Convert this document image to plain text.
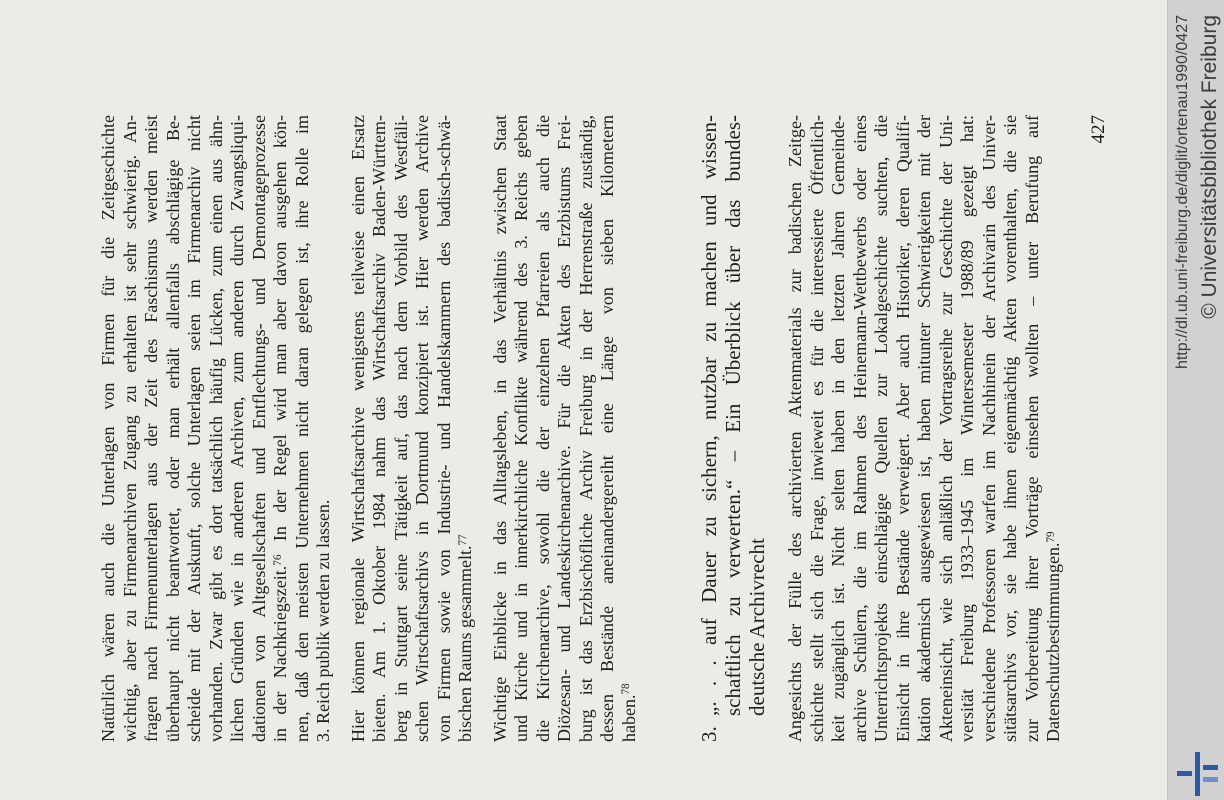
Natürlich wären auch die Unterlagen von Firmen für die Zeitgeschichte wichtig, aber zu Firmenarchiven Zugang zu erhalten ist sehr schwierig. An- fragen nach Firmenunterlagen aus der Zeit des Faschismus werden meist überhaupt nicht beantwortet, oder man erhält allenfalls abschlägige Be- scheide mit der Auskunft, solche Unterlagen seien im Firmenarchiv nicht vorhanden. Zwar gibt es dort tatsächlich häufig Lücken, zum einen aus ähn- lichen Gründen wie in anderen Archiven, zum anderen durch Zwangsliqui- dationen von Altgesellschaften und Entflechtungs- und Demontageprozesse in der Nachkriegszeit.$^{76}$ In der Regel wird man aber davon ausgehen kön- nen, daß den meisten Unternehmen nicht daran gelegen ist, ihre Rolle im 3. Reich publik werden zu lassen. Hier können regionale Wirtschaftsarchive wenigstens teilweise einen Ersatz bieten. Am 1. Oktober 1984 nahm das Wirtschaftsarchiv Baden-Württem- berg in Stuttgart seine Tätigkeit auf, das nach dem Vorbild des Westfäli- schen Wirtschaftsarchivs in Dortmund konzipiert ist. Hier werden Archive von Firmen sowie von Industrie- und Handelskammern des badisch-schwä- bischen Raums gesammelt.$^{77}$	Wichtige Einblicke in das Alltagsleben, in das Verhältnis zwischen Staat und Kirche und in innerkirchliche Konflikte während des 3. Reichs geben die Kirchenarchive, sowohl die der einzelnen Pfarreien als auch die Diözesan- und Landeskirchenarchive. Für die Akten des Erzbistums Frei- burg ist das Erzbischöfliche Archiv Freiburg in der Herrenstraße zuständig, dessen Bestände aneinandergereiht eine Länge von sieben Kilometern haben.$^{78}$
3.
„. . . auf Dauer zu sichern, nutzbar zu machen und wissen- schaftlich zu verwerten.“ – Ein Überblick über das bundes- deutsche Archivrecht Angesichts der Fülle des archivierten Aktenmaterials zur badischen Zeitge- schichte stellt sich die Frage, inwieweit es für die interessierte Öffentlich- keit zugänglich ist. Nicht selten haben in den letzten Jahren Gemeinde- archive Schülern, die im Rahmen des Heinemann-Wettbewerbs oder eines Unterrichtsprojekts einschlägige Quellen zur Lokalgeschichte suchten, die Einsicht in ihre Bestände verweigert. Aber auch Historiker, deren Qualifi- kation akademisch ausgewiesen ist, haben mitunter Schwierigkeiten mit der Akteneinsicht, wie sich anläßlich der Vortragsreihe zur Geschichte der Uni- versität Freiburg 1933–1945 im Wintersemester 1988/89 gezeigt hat: verschiedene Professoren warfen im Nachhinein der Archivarin des Univer- sitätsarchivs vor, sie habe ihnen eigenmächtig Akten vorenthalten, die sie zur Vorbereitung ihrer Vorträge einsehen wollten – unter Berufung auf Datenschutzbestimmungen.$^{79}$
427	http://dl.ub.uni-freiburg.de/diglit/ortenau1990/0427 © Universitätsbibliothek Freiburg
